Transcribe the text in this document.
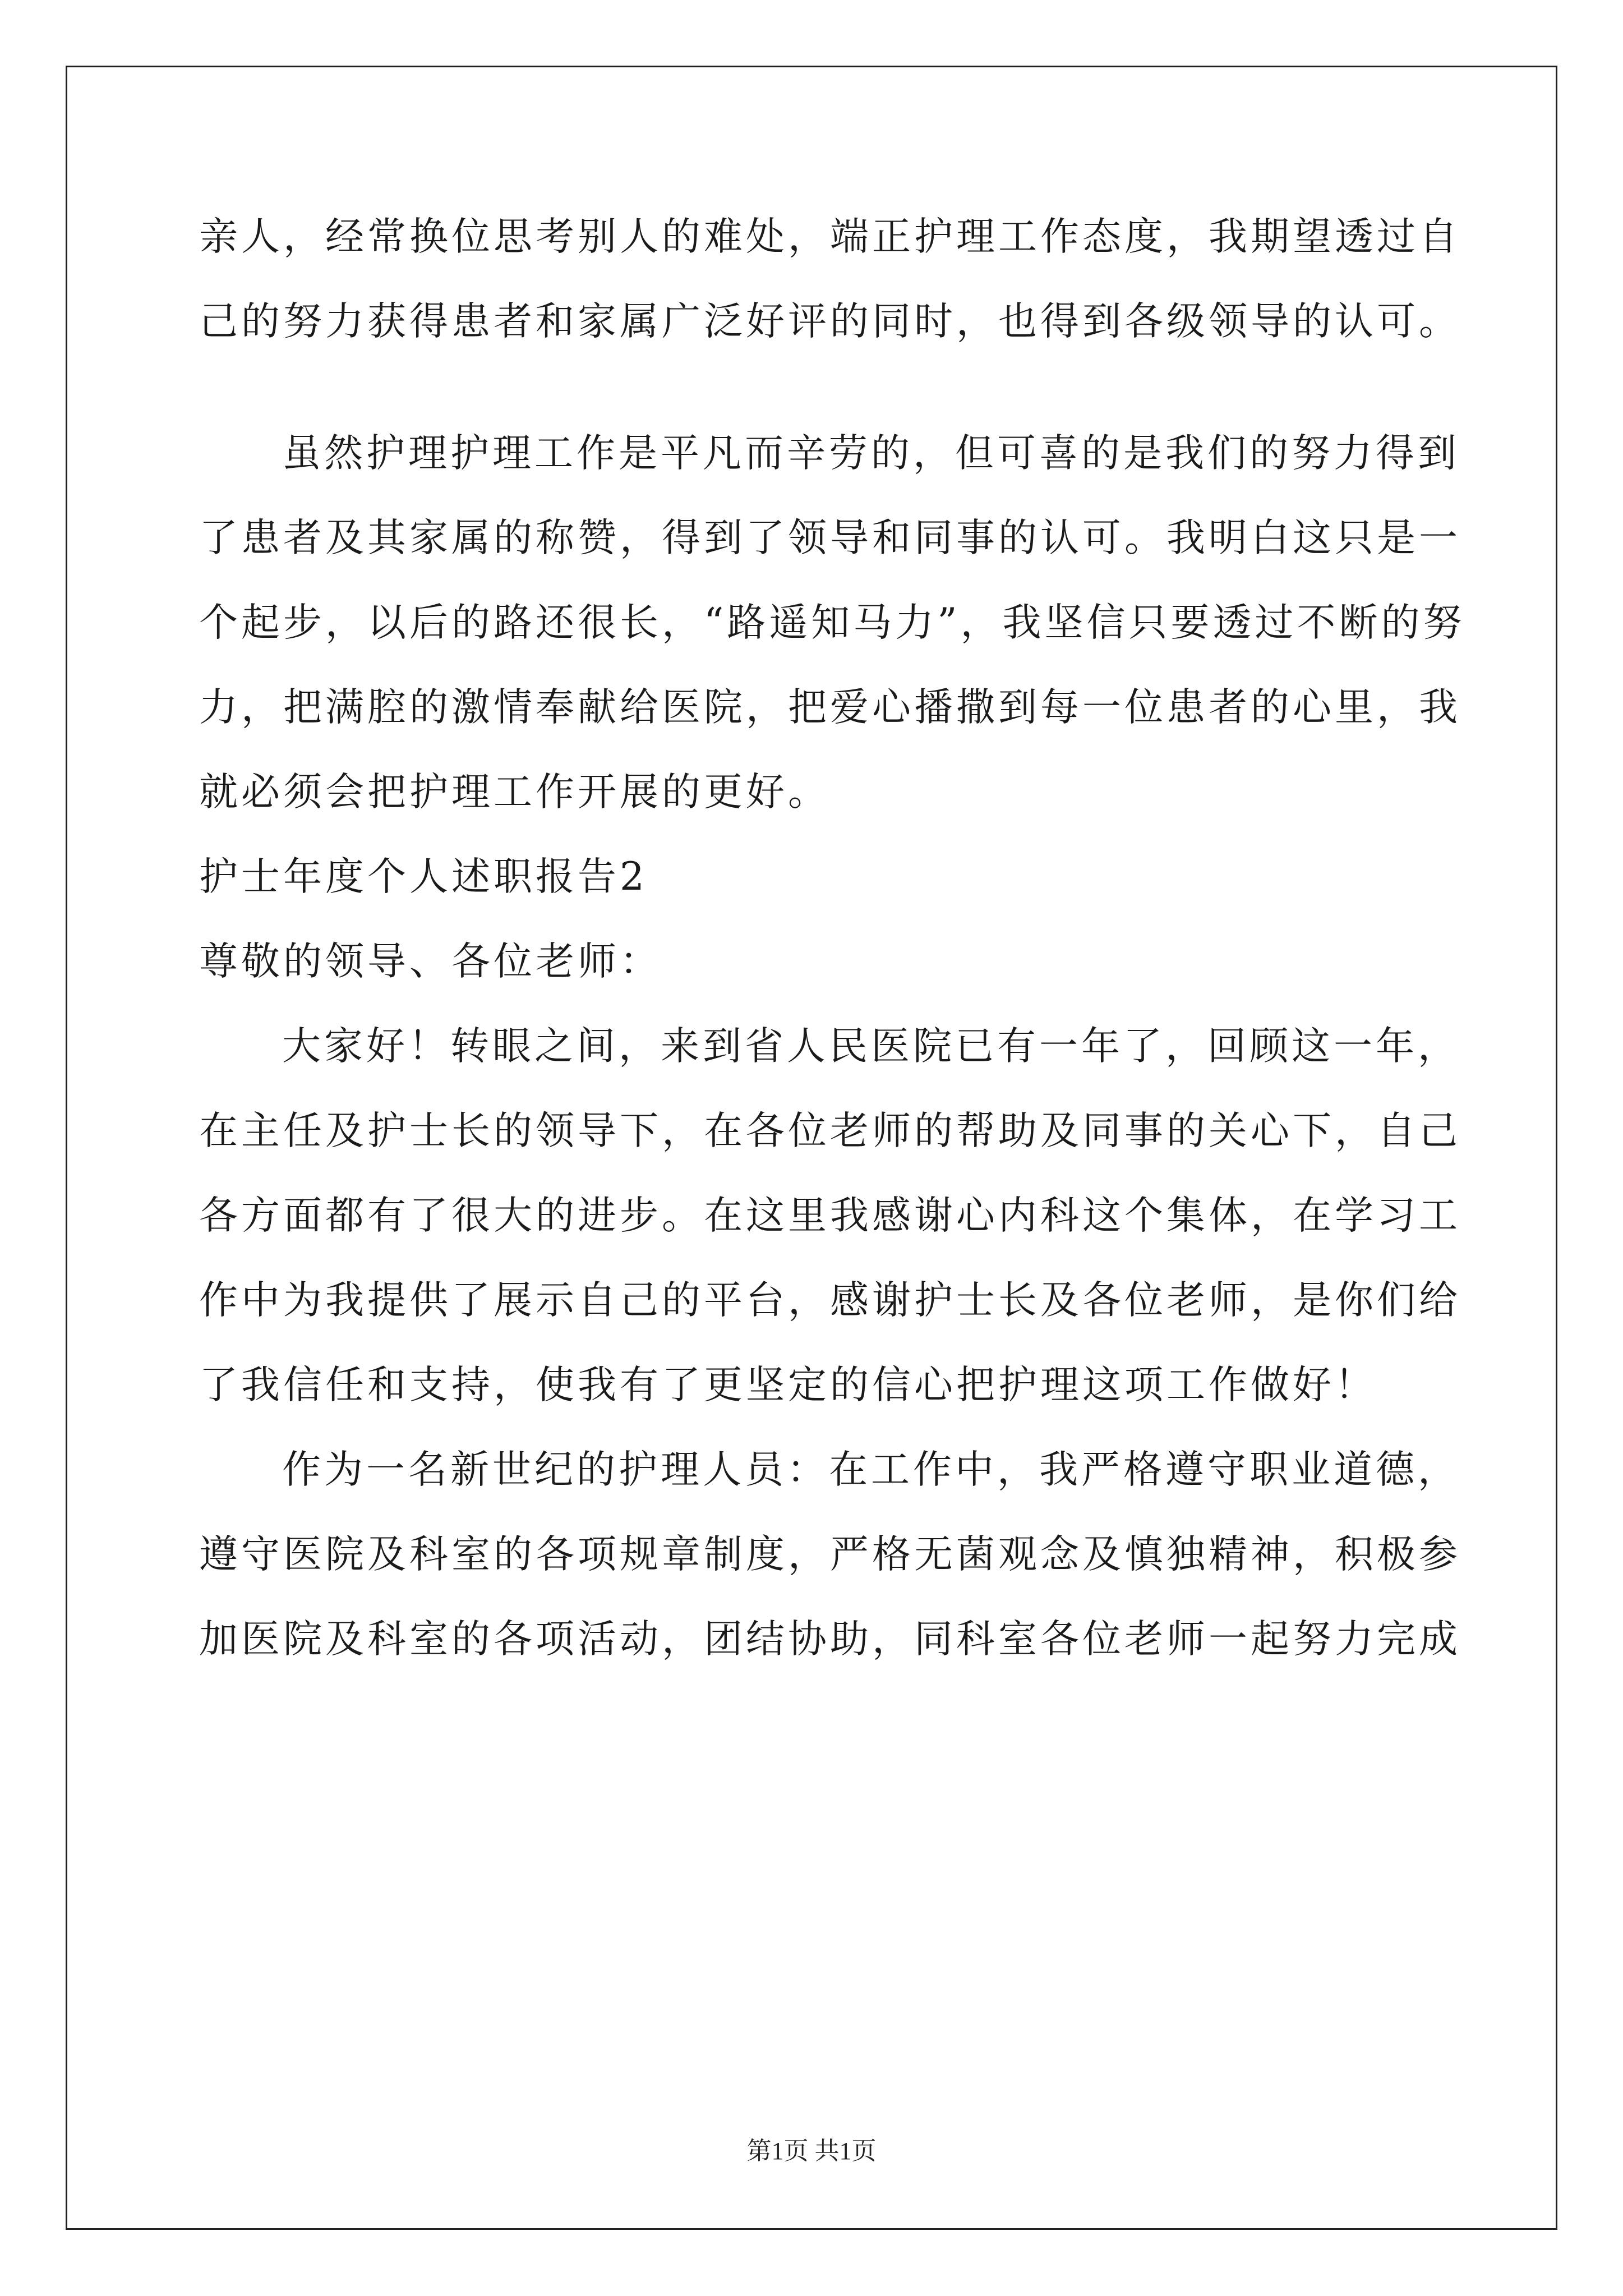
亲人，经常换位思考别人的难处，端正护理工作态度，我期望透过自

己的努力获得患者和家属广泛好评的同时，也得到各级领导的认可。

虽然护理护理工作是平凡而辛劳的，但可喜的是我们的努力得到

了患者及其家属的称赞，得到了领导和同事的认可。我明白这只是一

个起步，以后的路还很长，“路遥知马力”，我坚信只要透过不断的努

力，把满腔的激情奉献给医院，把爱心播撒到每一位患者的心里，我

就必须会把护理工作开展的更好。

护士年度个人述职报告2

尊敬的领导、各位老师：

大家好！转眼之间，来到省人民医院已有一年了，回顾这一年，

在主任及护士长的领导下，在各位老师的帮助及同事的关心下，自己

各方面都有了很大的进步。在这里我感谢心内科这个集体，在学习工

作中为我提供了展示自己的平台，感谢护士长及各位老师，是你们给

了我信任和支持，使我有了更坚定的信心把护理这项工作做好！

作为一名新世纪的护理人员：在工作中，我严格遵守职业道德，

遵守医院及科室的各项规章制度，严格无菌观念及慎独精神，积极参

加医院及科室的各项活动，团结协助，同科室各位老师一起努力完成

第1页 共1页
